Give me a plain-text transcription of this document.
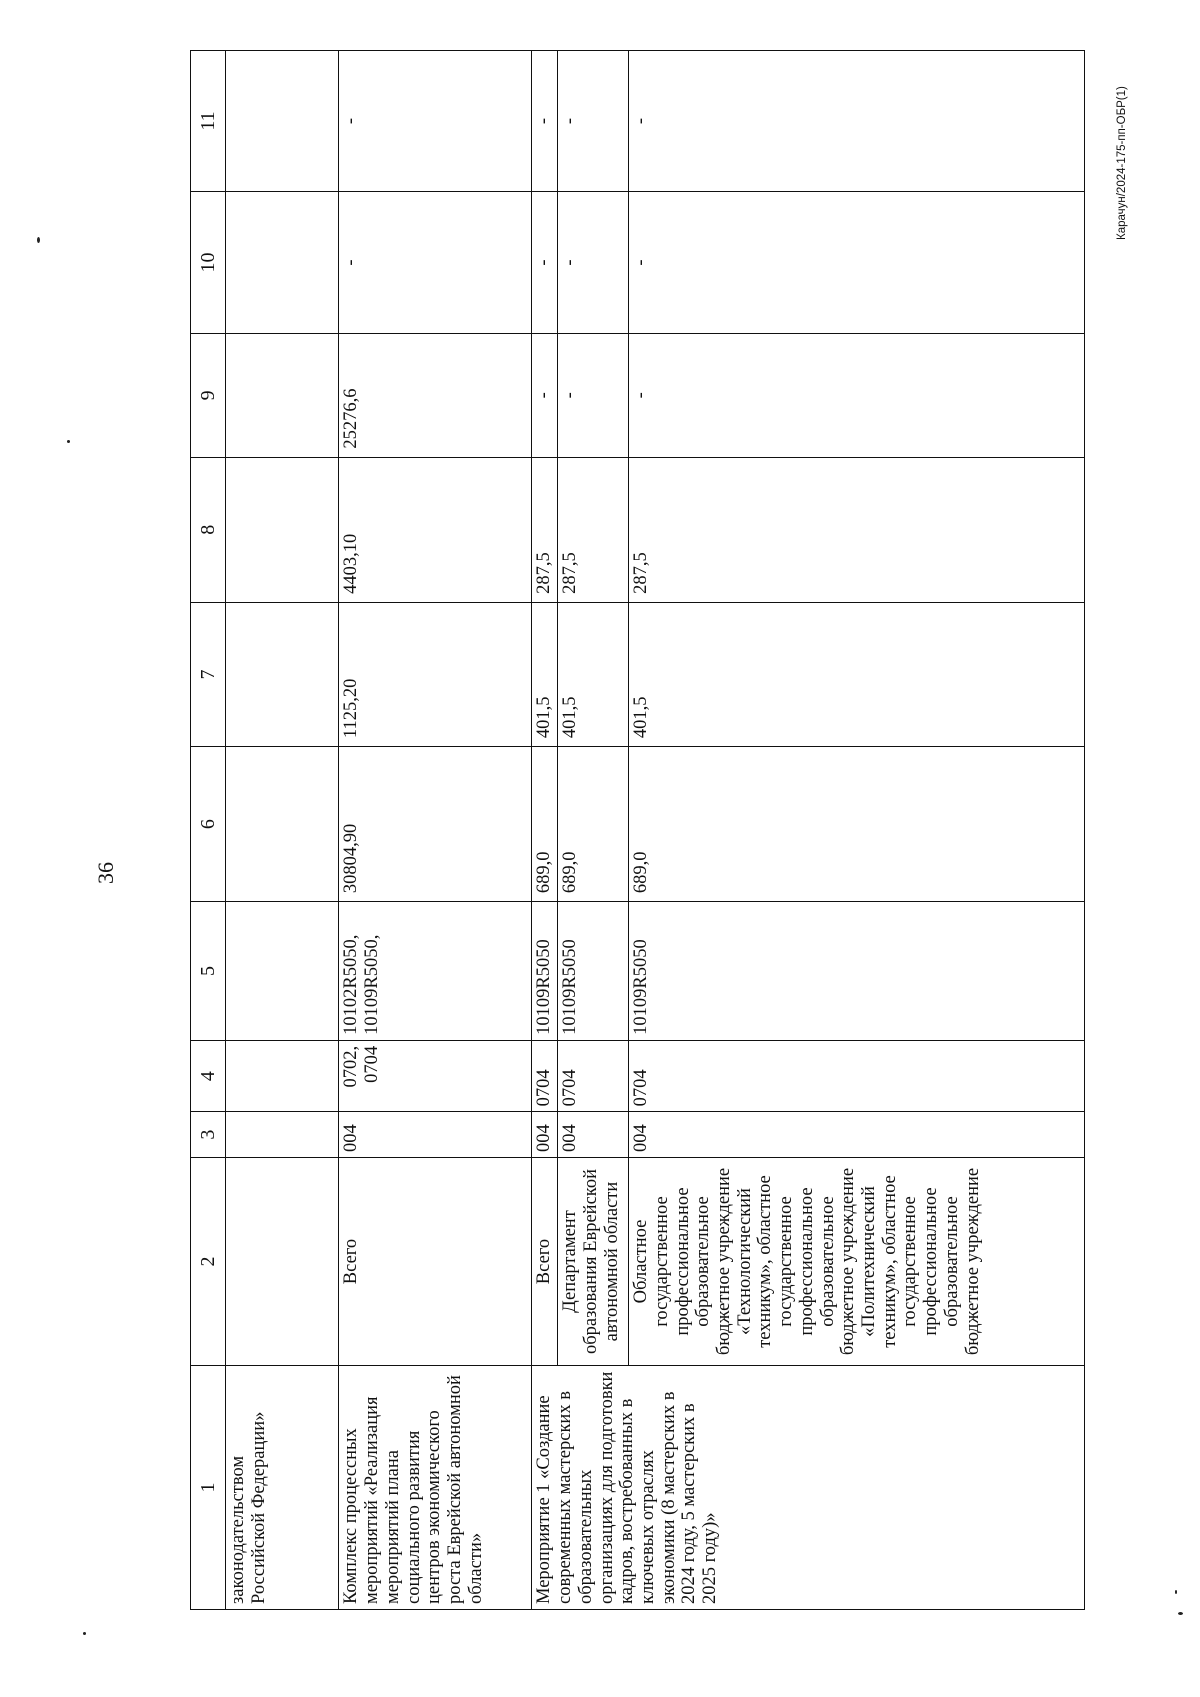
36
Карачун/2024-175-пп-ОБР(1)
1	2	3	4	5	6	7	8	9	10	11
законодательством Российской Федерации»										
Комплекс процессных мероприятий «Реализация мероприятий плана социального развития центров экономического роста Еврейской автономной области»	Всего	004	0702, 0704	10102R5050, 10109R5050,	30804,90	1125,20	4403,10	25276,6	-	-
Мероприятие 1 «Создание современных мастерских в образовательных организациях для подготовки кадров, востребованных в ключевых отраслях экономики (8 мастерских в 2024 году, 5 мастерских в 2025 году)»	Всего	004	0704	10109R5050	689,0	401,5	287,5	-	-	-
	Департамент образования Еврейской автономной области	004	0704	10109R5050	689,0	401,5	287,5	-	-	-
	Областное государственное профессиональное образовательное бюджетное учреждение «Технологический техникум», областное государственное профессиональное образовательное бюджетное учреждение «Политехнический техникум», областное государственное профессиональное образовательное бюджетное учреждение	004	0704	10109R5050	689,0	401,5	287,5	-	-	-
